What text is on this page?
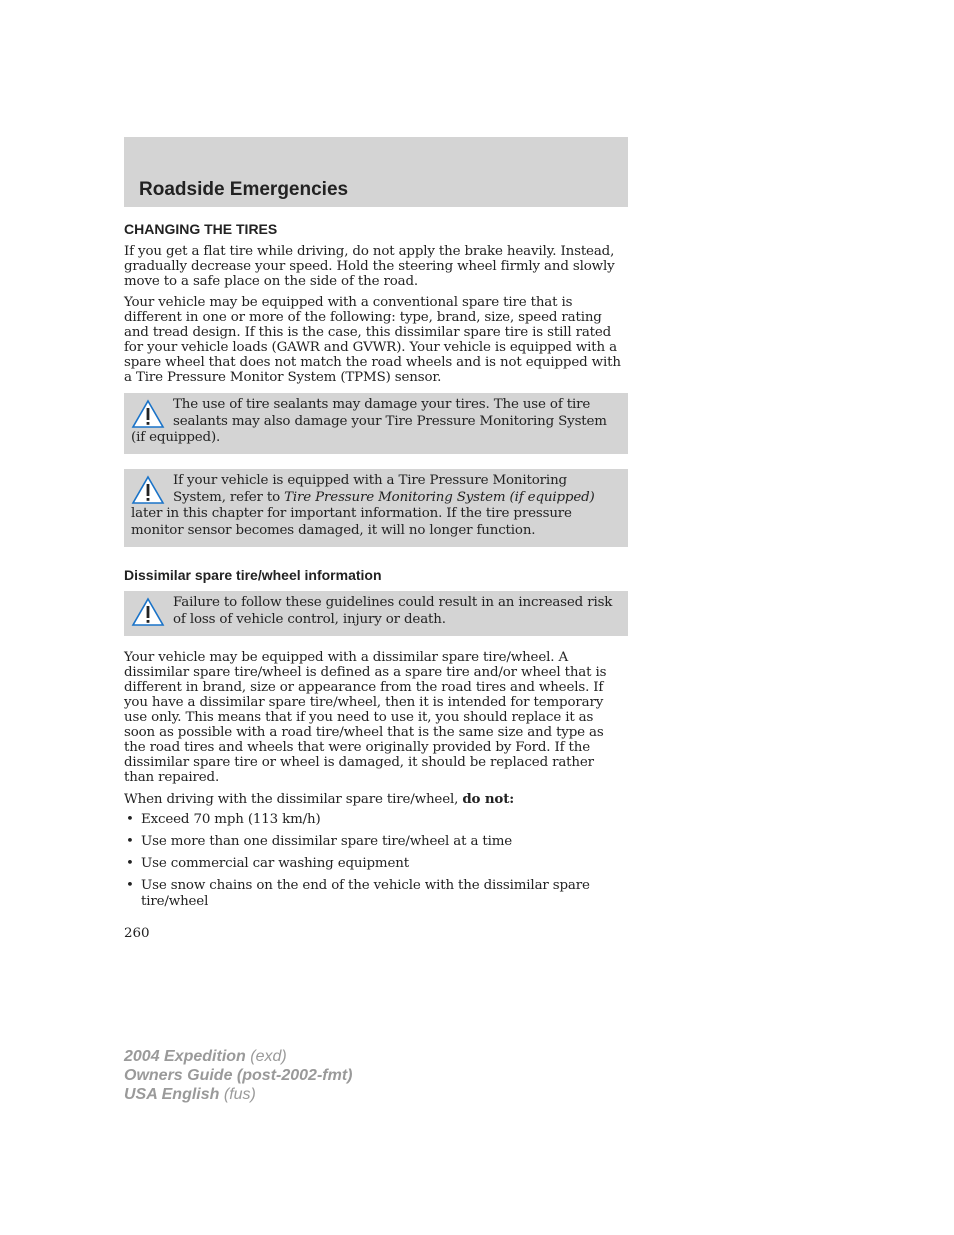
Roadside Emergencies
CHANGING THE TIRES

If you get a flat tire while driving, do not apply the brake heavily. Instead, gradually decrease your speed. Hold the steering wheel firmly and slowly move to a safe place on the side of the road.

Your vehicle may be equipped with a conventional spare tire that is different in one or more of the following: type, brand, size, speed rating and tread design. If this is the case, this dissimilar spare tire is still rated for your vehicle loads (GAWR and GVWR). Your vehicle is equipped with a spare wheel that does not match the road wheels and is not equipped with a Tire Pressure Monitor System (TPMS) sensor.

The use of tire sealants may damage your tires. The use of tire sealants may also damage your Tire Pressure Monitoring System (if equipped).
If your vehicle is equipped with a Tire Pressure Monitoring System, refer to Tire Pressure Monitoring System (if equipped) later in this chapter for important information. If the tire pressure monitor sensor becomes damaged, it will no longer function.
Dissimilar spare tire/wheel information
Failure to follow these guidelines could result in an increased risk of loss of vehicle control, injury or death.

Your vehicle may be equipped with a dissimilar spare tire/wheel. A dissimilar spare tire/wheel is defined as a spare tire and/or wheel that is different in brand, size or appearance from the road tires and wheels. If you have a dissimilar spare tire/wheel, then it is intended for temporary use only. This means that if you need to use it, you should replace it as soon as possible with a road tire/wheel that is the same size and type as the road tires and wheels that were originally provided by Ford. If the dissimilar spare tire or wheel is damaged, it should be replaced rather than repaired.

When driving with the dissimilar spare tire/wheel, do not:

• Exceed 70 mph (113 km/h)
• Use more than one dissimilar spare tire/wheel at a time
• Use commercial car washing equipment
• Use snow chains on the end of the vehicle with the dissimilar spare tire/wheel
260
2004 Expedition (exd)
Owners Guide (post-2002-fmt)
USA English (fus)
